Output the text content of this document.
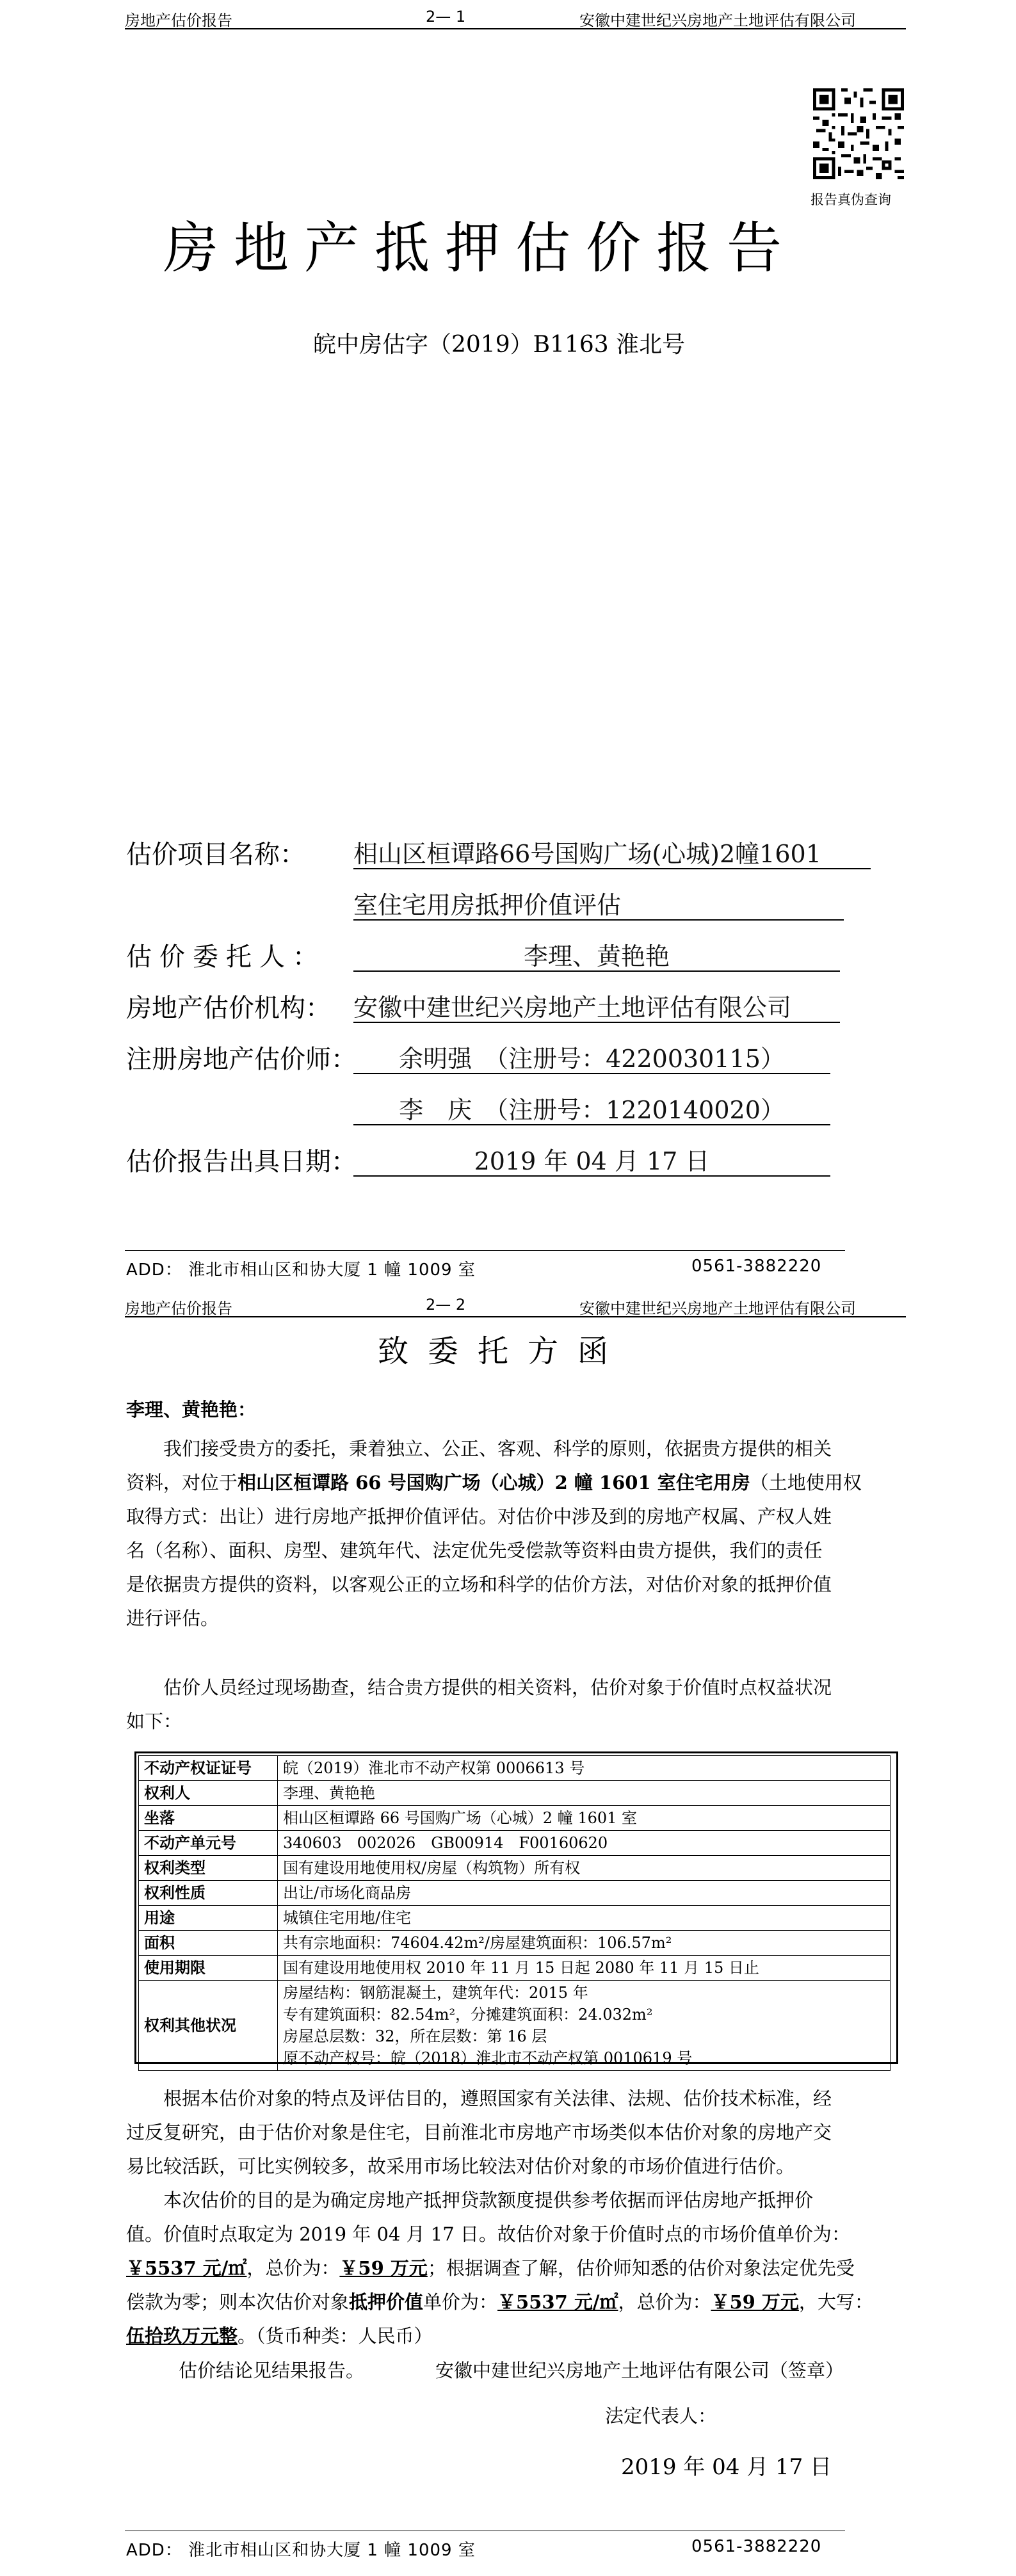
房地产估价报告	2— 1	安徽中建世纪兴房地产土地评估有限公司
报告真伪查询
房地产抵押估价报告
皖中房估字（2019）B1163 淮北号
估价项目名称： 相山区桓谭路66号国购广场(心城)2幢1601
室住宅用房抵押价值评估
估价委托人：	李理、黄艳艳
房地产估价机构： 安徽中建世纪兴房地产土地评估有限公司
注册房地产估价师：	余明强　（注册号：4220030115）
李　庆　（注册号：1220140020）
估价报告出具日期：	2019 年 04 月 17 日
ADD： 淮北市相山区和协大厦 1 幢 1009 室	0561-3882220
房地产估价报告	2— 2	安徽中建世纪兴房地产土地评估有限公司
致委托方函
李理、黄艳艳：
我们接受贵方的委托，秉着独立、公正、客观、科学的原则，依据贵方提供的相关
资料，对位于相山区桓谭路 66 号国购广场（心城）2 幢 1601 室住宅用房（土地使用权
取得方式：出让）进行房地产抵押价值评估。对估价中涉及到的房地产权属、产权人姓
名（名称）、面积、房型、建筑年代、法定优先受偿款等资料由贵方提供，我们的责任
是依据贵方提供的资料，以客观公正的立场和科学的估价方法，对估价对象的抵押价值
进行评估。
估价人员经过现场勘查，结合贵方提供的相关资料，估价对象于价值时点权益状况
如下：
不动产权证证号	皖（2019）淮北市不动产权第 0006613 号

权利人	李理、黄艳艳

坐落	相山区桓谭路 66 号国购广场（心城）2 幢 1601 室

不动产单元号	340603　002026　GB00914　F00160620

权利类型	国有建设用地使用权/房屋（构筑物）所有权

权利性质	出让/市场化商品房

用途	城镇住宅用地/住宅

面积	共有宗地面积：74604.42m²/房屋建筑面积：106.57m²

使用期限	国有建设用地使用权 2010 年 11 月 15 日起 2080 年 11 月 15 日止

权利其他状况	房屋结构：钢筋混凝土，建筑年代：2015 年
专有建筑面积：82.54m²，分摊建筑面积：24.032m²
房屋总层数：32，所在层数：第 16 层
原不动产权号：皖（2018）淮北市不动产权第 0010619 号
根据本估价对象的特点及评估目的，遵照国家有关法律、法规、估价技术标准，经
过反复研究，由于估价对象是住宅，目前淮北市房地产市场类似本估价对象的房地产交
易比较活跃，可比实例较多，故采用市场比较法对估价对象的市场价值进行估价。
本次估价的目的是为确定房地产抵押贷款额度提供参考依据而评估房地产抵押价
值。价值时点取定为 2019 年 04 月 17 日。故估价对象于价值时点的市场价值单价为：
￥5537 元/㎡，总价为：￥59 万元；根据调查了解，估价师知悉的估价对象法定优先受
偿款为零；则本次估价对象抵押价值单价为：￥5537 元/㎡，总价为：￥59 万元，大写：
伍拾玖万元整。（货币种类：人民币）
估价结论见结果报告。	安徽中建世纪兴房地产土地评估有限公司（签章）
法定代表人：
2019 年 04 月 17 日
ADD： 淮北市相山区和协大厦 1 幢 1009 室	0561-3882220
